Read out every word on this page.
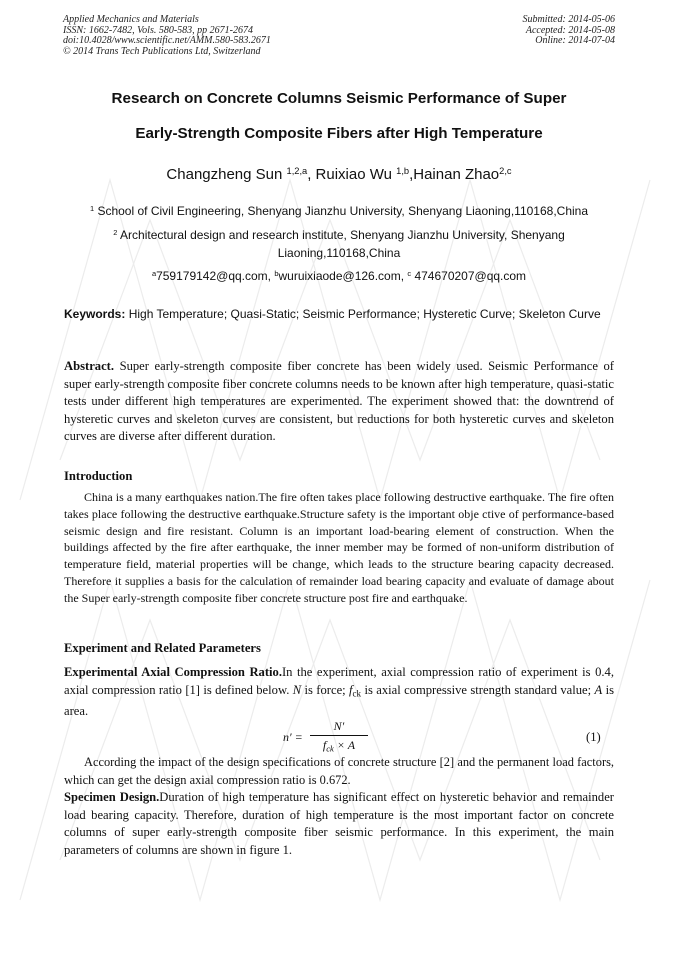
Applied Mechanics and Materials
ISSN: 1662-7482, Vols. 580-583, pp 2671-2674
doi:10.4028/www.scientific.net/AMM.580-583.2671
© 2014 Trans Tech Publications Ltd, Switzerland
Submitted: 2014-05-06
Accepted: 2014-05-08
Online: 2014-07-04
Research on Concrete Columns Seismic Performance of Super
Early-Strength Composite Fibers after High Temperature
Changzheng Sun $^{1,2,a}$, Ruixiao Wu $^{1,b}$,Hainan Zhao$^{2,c}$
$^1$ School of Civil Engineering, Shenyang Jianzhu University, Shenyang Liaoning,110168,China
$^2$ Architectural design and research institute, Shenyang Jianzhu University, Shenyang Liaoning,110168,China
$^a$759179142@qq.com, $^b$wuruixiaode@126.com, $^c$ 474670207@qq.com
Keywords: High Temperature; Quasi-Static; Seismic Performance; Hysteretic Curve; Skeleton Curve
Abstract. Super early-strength composite fiber concrete has been widely used. Seismic Performance of super early-strength composite fiber concrete columns needs to be known after high temperature, quasi-static tests under different high temperatures are experimented. The experiment showed that: the downtrend of hysteretic curves and skeleton curves are consistent, but reductions for both hysteretic curves and skeleton curves are diverse after different duration.
Introduction
China is a many earthquakes nation.The fire often takes place following destructive earthquake. The fire often takes place following the destructive earthquake.Structure safety is the important obje ctive of performance-based seismic design and fire resistant. Column is an important load-bearing element of construction. When the buildings affected by the fire after earthquake, the inner member may be formed of non-uniform distribution of temperature field, material properties will be change, which leads to the structure bearing capacity decreased. Therefore it supplies a basis for the calculation of remainder load bearing capacity and evaluate of damage about the Super early-strength composite fiber concrete structure post fire and earthquake.
Experiment and Related Parameters
Experimental Axial Compression Ratio.In the experiment, axial compression ratio of experiment is 0.4, axial compression ratio [1] is defined below. N is force; $f_{ck}$ is axial compressive strength standard value; A is area.
n′ =
N′
$f_{ck} \times A$
(1)
According the impact of the design specifications of concrete structure [2] and the permanent load factors, which can get the design axial compression ratio is 0.672.
Specimen Design.Duration of high temperature has significant effect on hysteretic behavior and remainder load bearing capacity. Therefore, duration of high temperature is the most important factor on concrete columns of super early-strength composite fiber seismic performance. In this experiment, the main parameters of columns are shown in figure 1.
